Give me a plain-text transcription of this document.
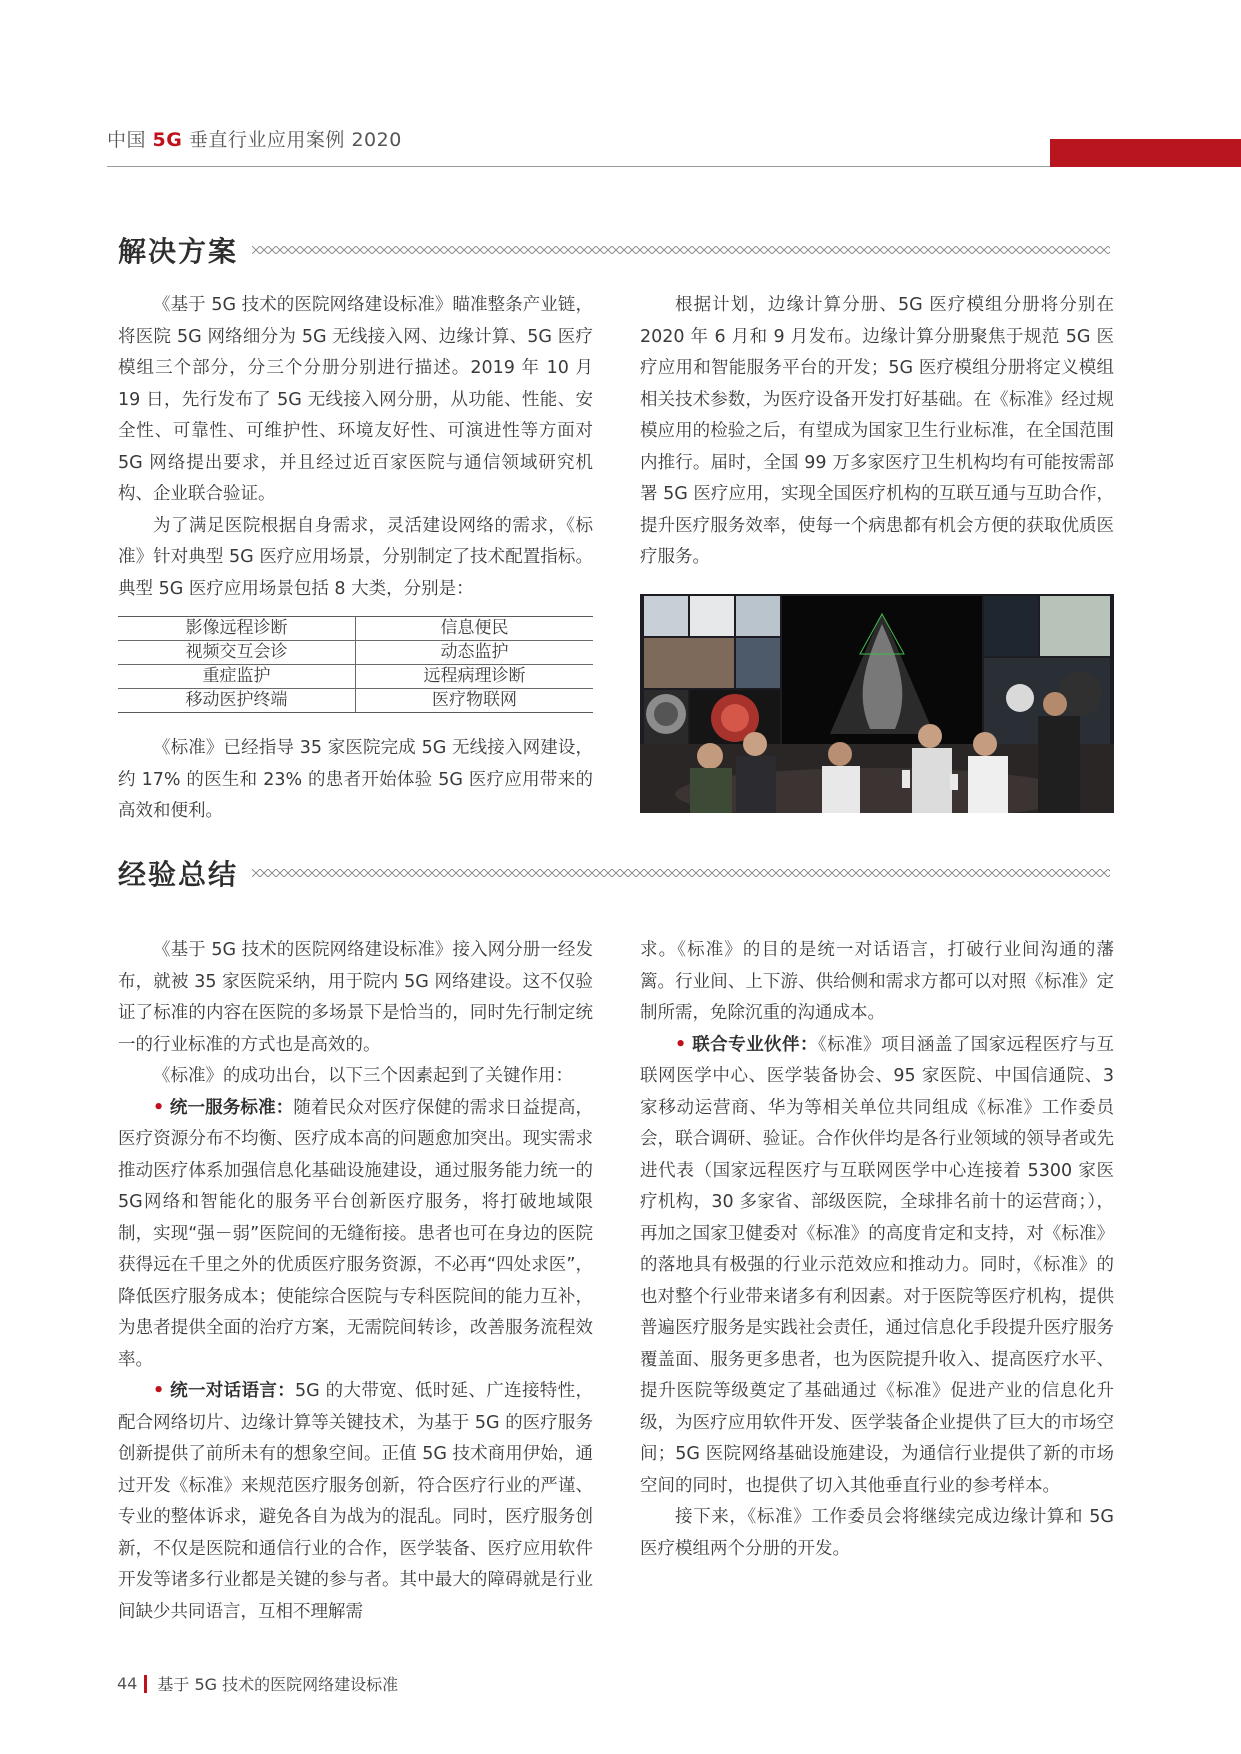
中国 5G 垂直行业应用案例 2020
解决方案

《基于 5G 技术的医院网络建设标准》瞄准整条产业链，将医院 5G 网络细分为 5G 无线接入网、边缘计算、5G 医疗模组三个部分，分三个分册分别进行描述。2019 年 10 月 19 日，先行发布了 5G 无线接入网分册，从功能、性能、安全性、可靠性、可维护性、环境友好性、可演进性等方面对 5G 网络提出要求，并且经过近百家医院与通信领域研究机构、企业联合验证。

为了满足医院根据自身需求，灵活建设网络的需求，《标准》针对典型 5G 医疗应用场景，分别制定了技术配置指标。典型 5G 医疗应用场景包括 8 大类，分别是：

影像远程诊断	信息便民
视频交互会诊	动态监护
重症监护	远程病理诊断
移动医护终端	医疗物联网

《标准》已经指导 35 家医院完成 5G 无线接入网建设，约 17% 的医生和 23% 的患者开始体验 5G 医疗应用带来的高效和便利。

根据计划，边缘计算分册、5G 医疗模组分册将分别在 2020 年 6 月和 9 月发布。边缘计算分册聚焦于规范 5G 医疗应用和智能服务平台的开发；5G 医疗模组分册将定义模组相关技术参数，为医疗设备开发打好基础。在《标准》经过规模应用的检验之后，有望成为国家卫生行业标准，在全国范围内推行。届时，全国 99 万多家医疗卫生机构均有可能按需部署 5G 医疗应用，实现全国医疗机构的互联互通与互助合作，提升医疗服务效率，使每一个病患都有机会方便的获取优质医疗服务。

经验总结

《基于 5G 技术的医院网络建设标准》接入网分册一经发布，就被 35 家医院采纳，用于院内 5G 网络建设。这不仅验证了标准的内容在医院的多场景下是恰当的，同时先行制定统一的行业标准的方式也是高效的。

《标准》的成功出台，以下三个因素起到了关键作用：

• 统一服务标准：随着民众对医疗保健的需求日益提高，医疗资源分布不均衡、医疗成本高的问题愈加突出。现实需求推动医疗体系加强信息化基础设施建设，通过服务能力统一的5G网络和智能化的服务平台创新医疗服务，将打破地域限制，实现“强－弱”医院间的无缝衔接。患者也可在身边的医院获得远在千里之外的优质医疗服务资源，不必再“四处求医”，降低医疗服务成本；使能综合医院与专科医院间的能力互补，为患者提供全面的治疗方案，无需院间转诊，改善服务流程效率。

• 统一对话语言：5G 的大带宽、低时延、广连接特性，配合网络切片、边缘计算等关键技术，为基于 5G 的医疗服务创新提供了前所未有的想象空间。正值 5G 技术商用伊始，通过开发《标准》来规范医疗服务创新，符合医疗行业的严谨、专业的整体诉求，避免各自为战为的混乱。同时，医疗服务创新，不仅是医院和通信行业的合作，医学装备、医疗应用软件开发等诸多行业都是关键的参与者。其中最大的障碍就是行业间缺少共同语言，互相不理解需

求。《标准》的目的是统一对话语言，打破行业间沟通的藩篱。行业间、上下游、供给侧和需求方都可以对照《标准》定制所需，免除沉重的沟通成本。

• 联合专业伙伴：《标准》项目涵盖了国家远程医疗与互联网医学中心、医学装备协会、95 家医院、中国信通院、3 家移动运营商、华为等相关单位共同组成《标准》工作委员会，联合调研、验证。合作伙伴均是各行业领域的领导者或先进代表（国家远程医疗与互联网医学中心连接着 5300 家医疗机构，30 多家省、部级医院，全球排名前十的运营商；），再加之国家卫健委对《标准》的高度肯定和支持，对《标准》的落地具有极强的行业示范效应和推动力。同时，《标准》的也对整个行业带来诸多有利因素。对于医院等医疗机构，提供普遍医疗服务是实践社会责任，通过信息化手段提升医疗服务覆盖面、服务更多患者，也为医院提升收入、提高医疗水平、提升医院等级奠定了基础通过《标准》促进产业的信息化升级，为医疗应用软件开发、医学装备企业提供了巨大的市场空间；5G 医院网络基础设施建设，为通信行业提供了新的市场空间的同时，也提供了切入其他垂直行业的参考样本。

接下来，《标准》工作委员会将继续完成边缘计算和 5G 医疗模组两个分册的开发。

44 基于 5G 技术的医院网络建设标准
